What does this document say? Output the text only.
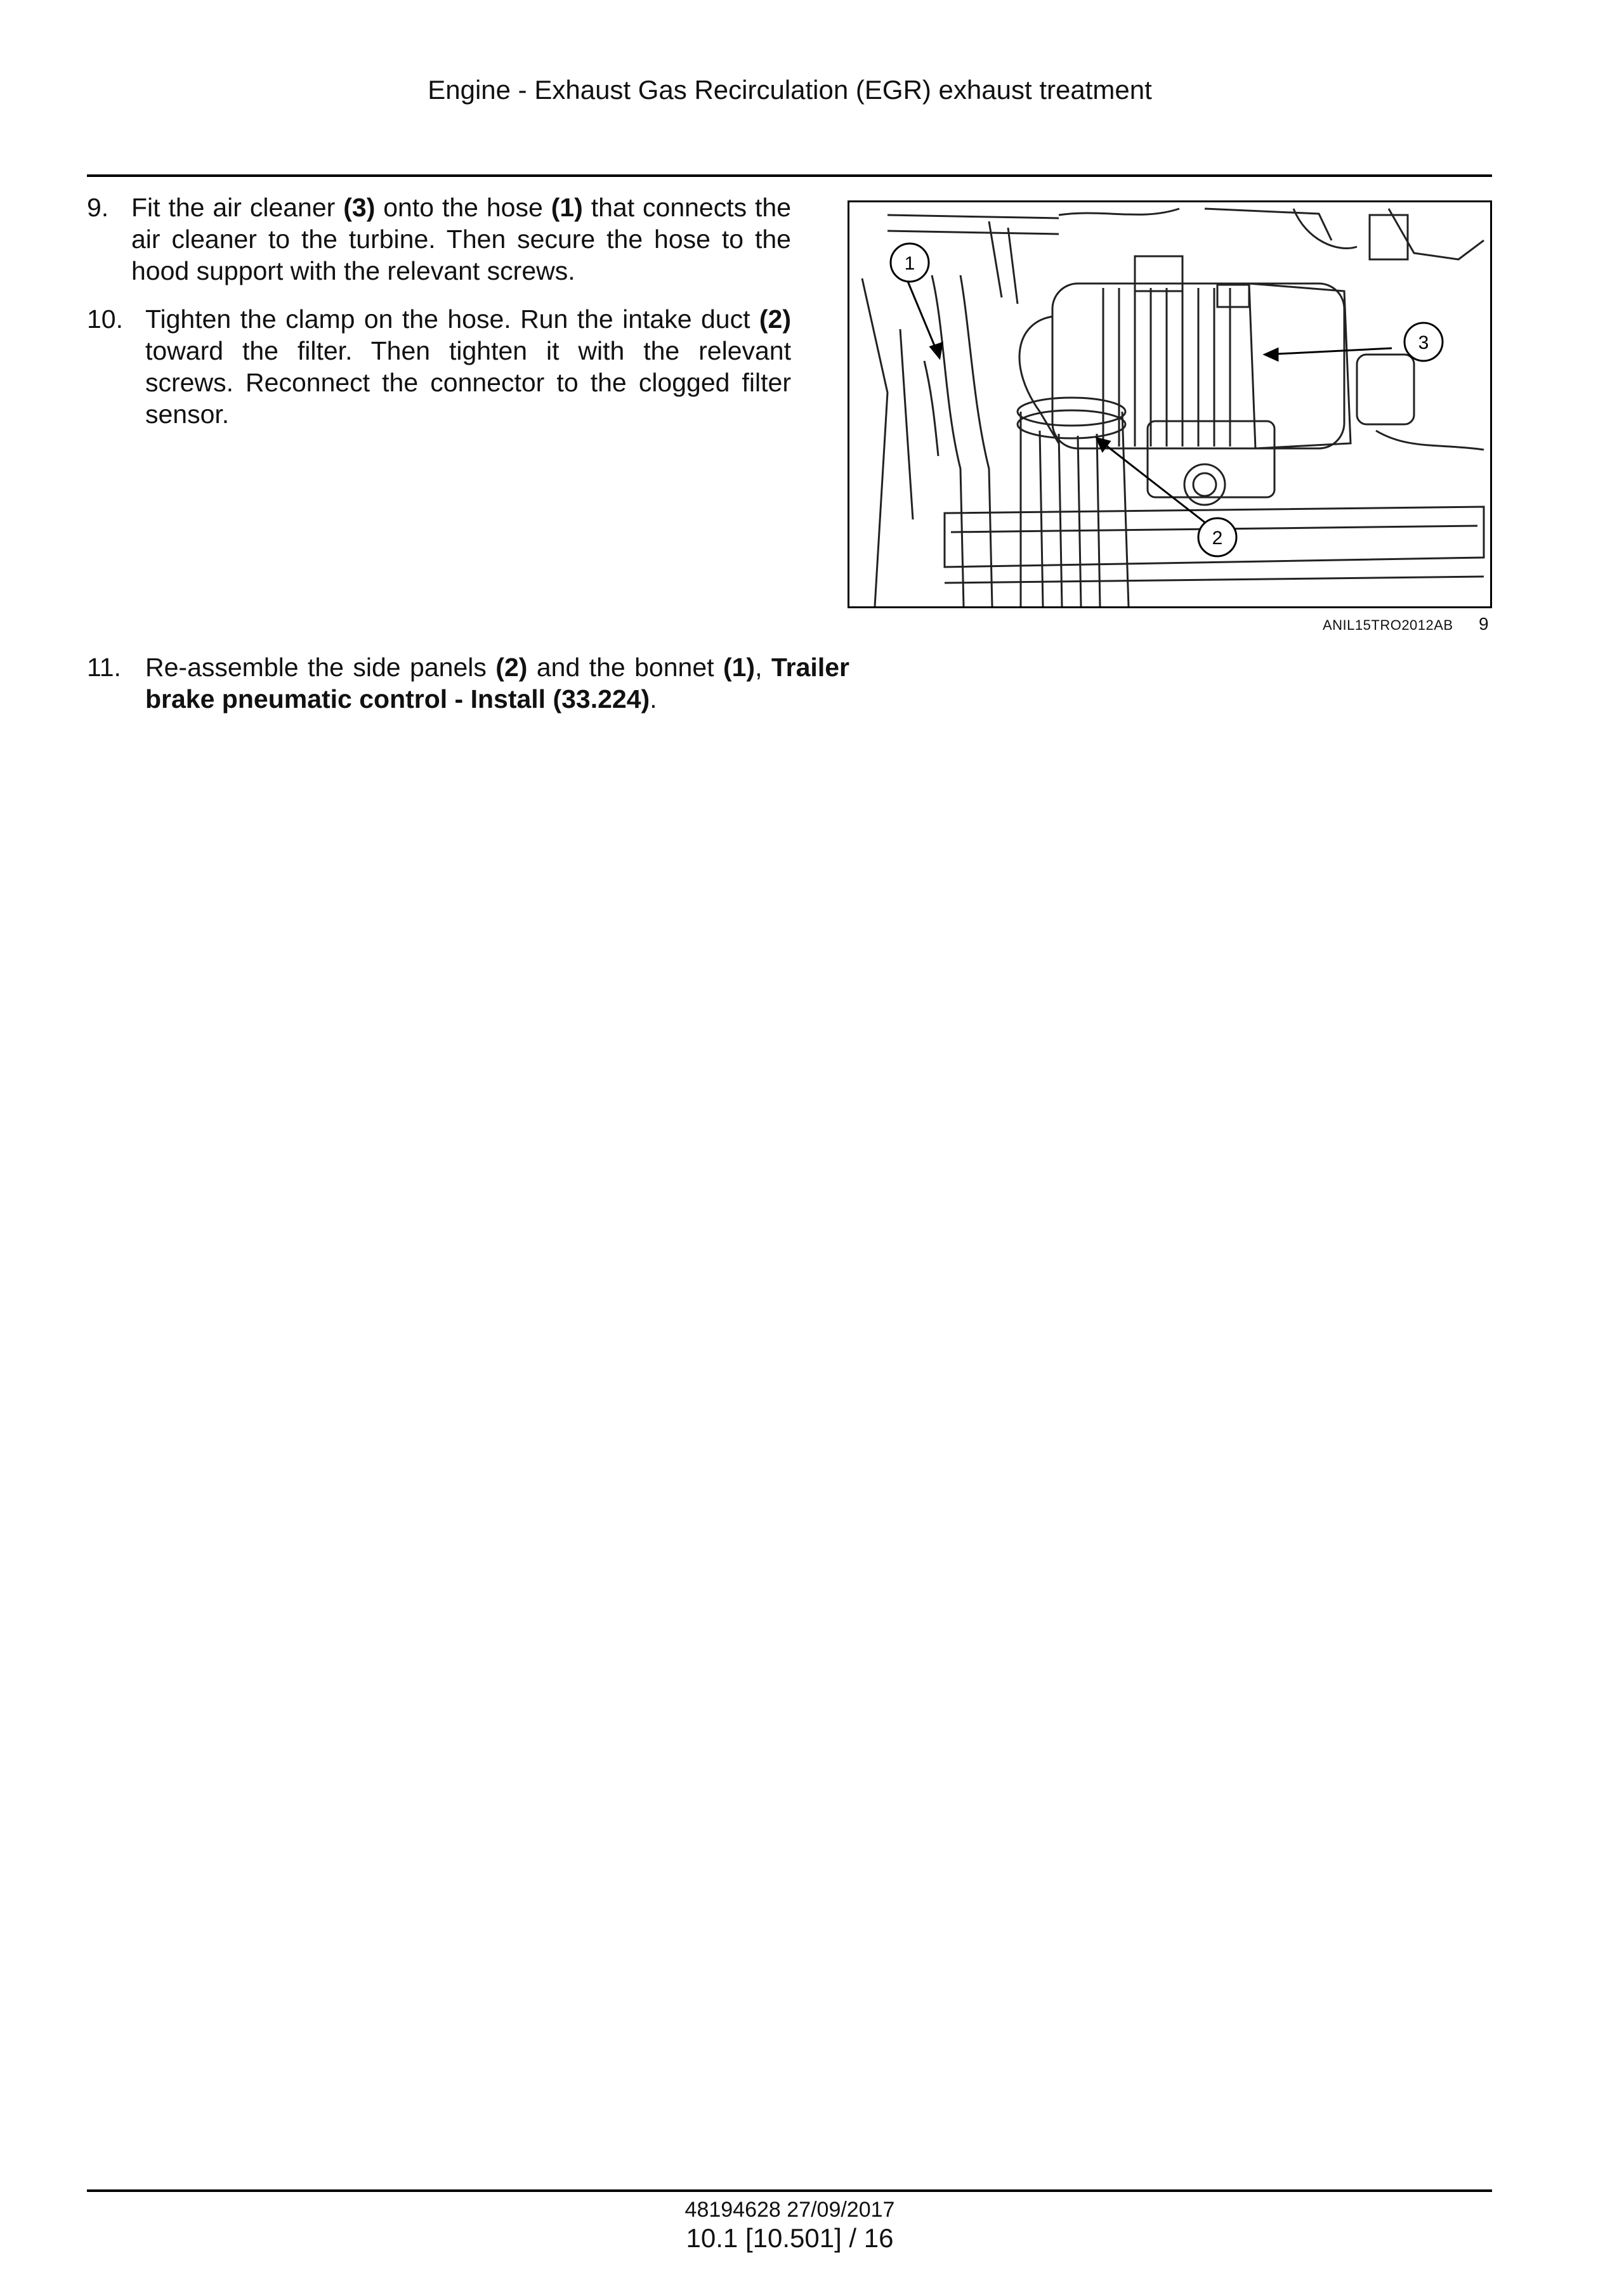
Engine - Exhaust Gas Recirculation (EGR) exhaust treatment

9. Fit the air cleaner (3) onto the hose (1) that connects the air cleaner to the turbine. Then secure the hose to the hood support with the relevant screws.

10. Tighten the clamp on the hose. Run the intake duct (2) toward the filter. Then tighten it with the relevant screws. Reconnect the connector to the clogged filter sensor.

11. Re-assemble the side panels (2) and the bonnet (1), Trailer brake pneumatic control - Install (33.224).

1
3
2
ANIL15TRO2012AB 9
48194628 27/09/2017
10.1 [10.501] / 16
